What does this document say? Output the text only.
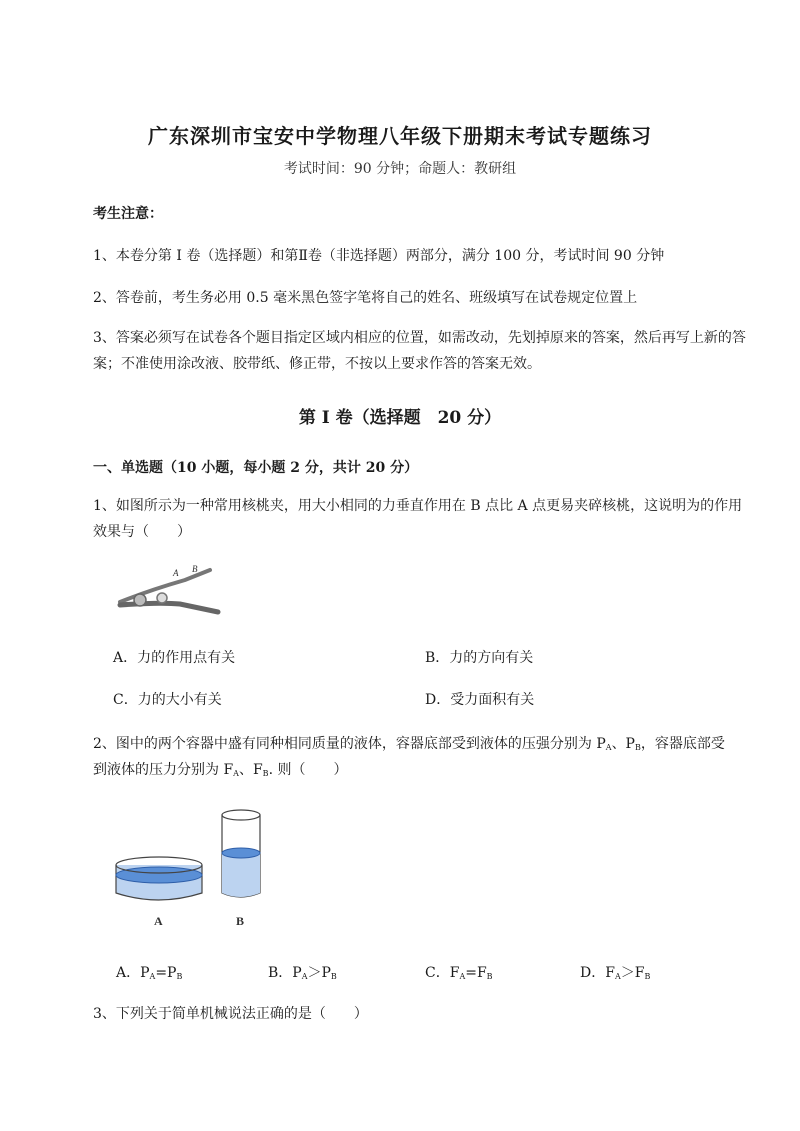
广东深圳市宝安中学物理八年级下册期末考试专题练习
考试时间：90 分钟；命题人：教研组
考生注意：
1、本卷分第 I 卷（选择题）和第Ⅱ卷（非选择题）两部分，满分 100 分，考试时间 90 分钟
2、答卷前，考生务必用 0.5 毫米黑色签字笔将自己的姓名、班级填写在试卷规定位置上
3、答案必须写在试卷各个题目指定区域内相应的位置，如需改动，先划掉原来的答案，然后再写上新的答案；不准使用涂改液、胶带纸、修正带，不按以上要求作答的答案无效。
第 I 卷（选择题　20 分）
一、单选题（10 小题，每小题 2 分，共计 20 分）
1、如图所示为一种常用核桃夹，用大小相同的力垂直作用在 B 点比 A 点更易夹碎核桃，这说明为的作用效果与（　　）
A B
A．力的作用点有关	B．力的方向有关
C．力的大小有关	D．受力面积有关
2、图中的两个容器中盛有同种相同质量的液体，容器底部受到液体的压强分别为 $P_A$、$P_B$，容器底部受
到液体的压力分别为 $F_A$、$F_B$. 则（　　）
A	B
A．$P_A=P_B$	B．$P_A>P_B$	C．$F_A=F_B$	D．$F_A>F_B$
3、下列关于简单机械说法正确的是（　　）
